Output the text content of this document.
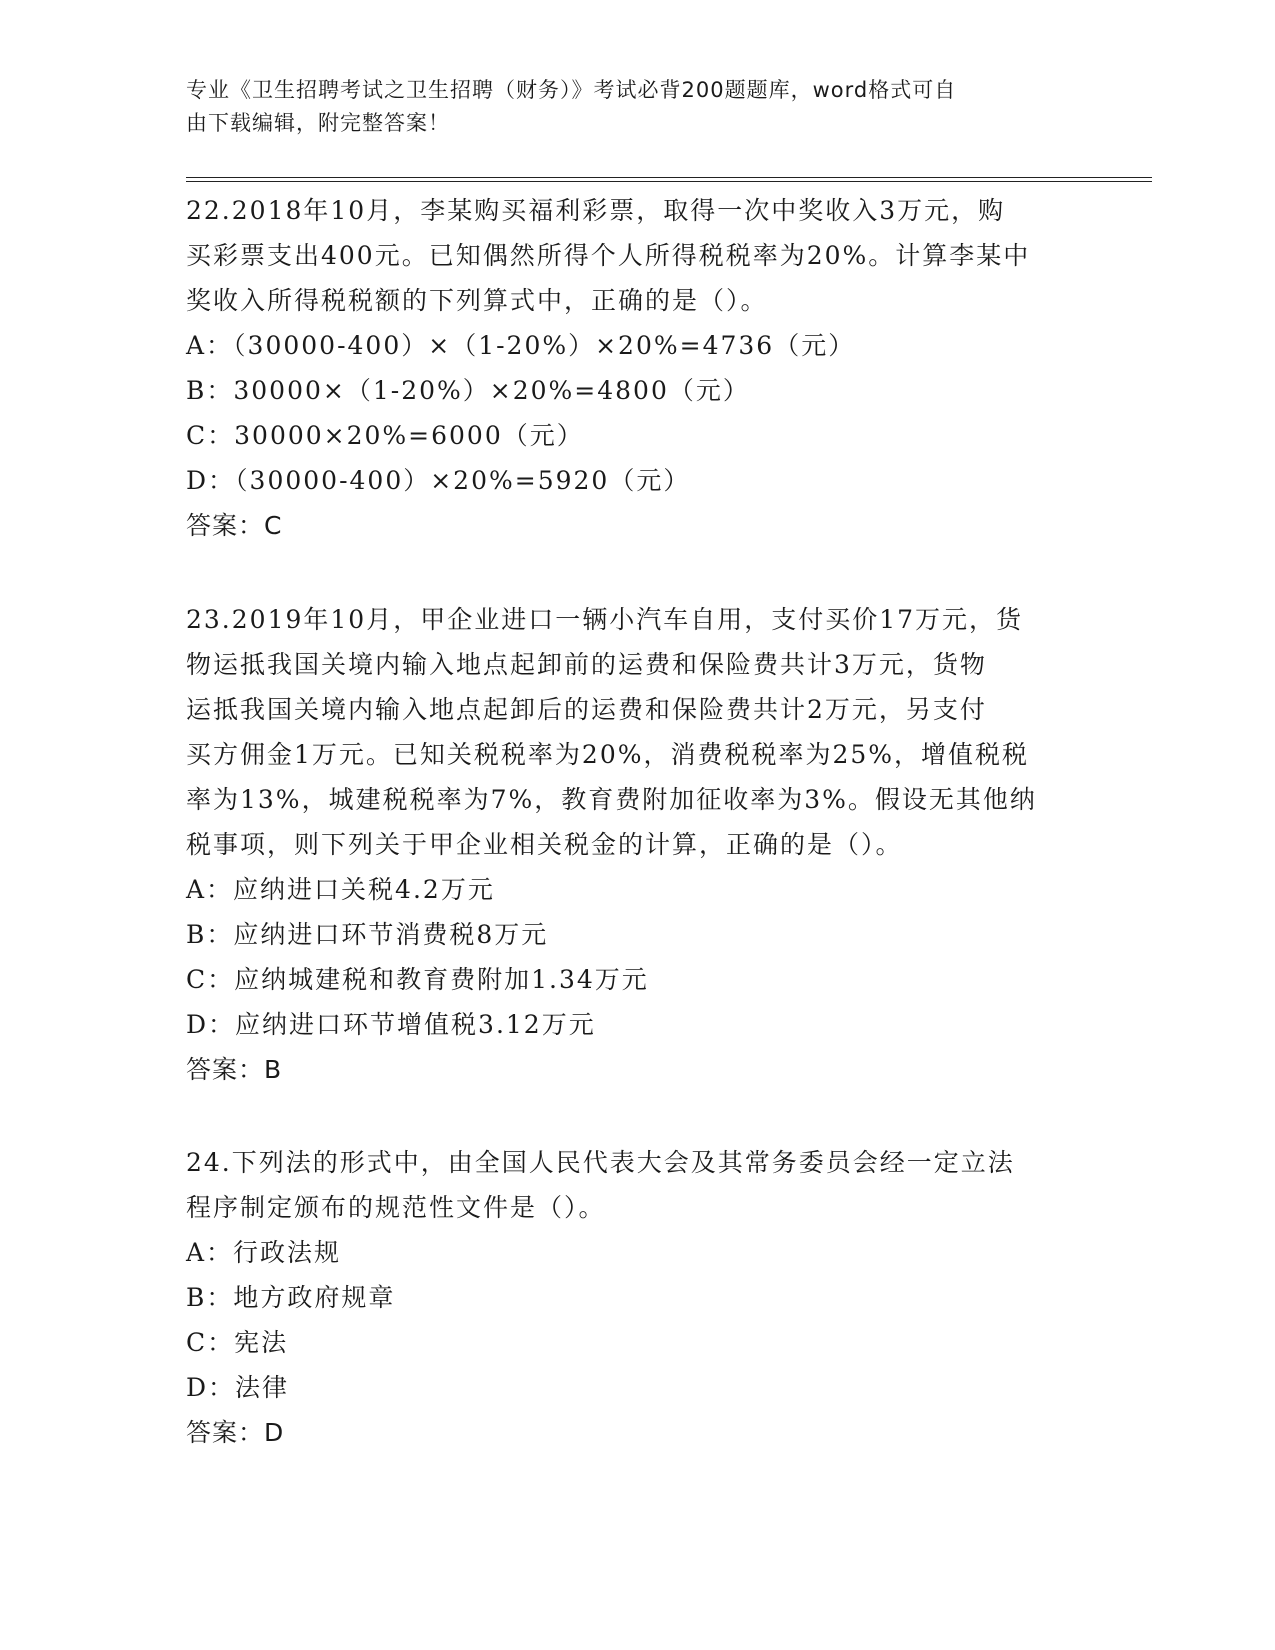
专业《卫生招聘考试之卫生招聘（财务）》考试必背200题题库，word格式可自
由下载编辑，附完整答案！
22.2018年10月，李某购买福利彩票，取得一次中奖收入3万元，购
买彩票支出400元。已知偶然所得个人所得税税率为20%。计算李某中
奖收入所得税税额的下列算式中，正确的是（）。
A：（30000-400）×（1-20%）×20%=4736（元）
B：30000×（1-20%）×20%=4800（元）
C：30000×20%=6000（元）
D：（30000-400）×20%=5920（元）
答案：C
23.2019年10月，甲企业进口一辆小汽车自用，支付买价17万元，货
物运抵我国关境内输入地点起卸前的运费和保险费共计3万元，货物
运抵我国关境内输入地点起卸后的运费和保险费共计2万元，另支付
买方佣金1万元。已知关税税率为20%，消费税税率为25%，增值税税
率为13%，城建税税率为7%，教育费附加征收率为3%。假设无其他纳
税事项，则下列关于甲企业相关税金的计算，正确的是（）。
A：应纳进口关税4.2万元
B：应纳进口环节消费税8万元
C：应纳城建税和教育费附加1.34万元
D：应纳进口环节增值税3.12万元
答案：B
24.下列法的形式中，由全国人民代表大会及其常务委员会经一定立法
程序制定颁布的规范性文件是（）。
A：行政法规
B：地方政府规章
C：宪法
D：法律
答案：D
